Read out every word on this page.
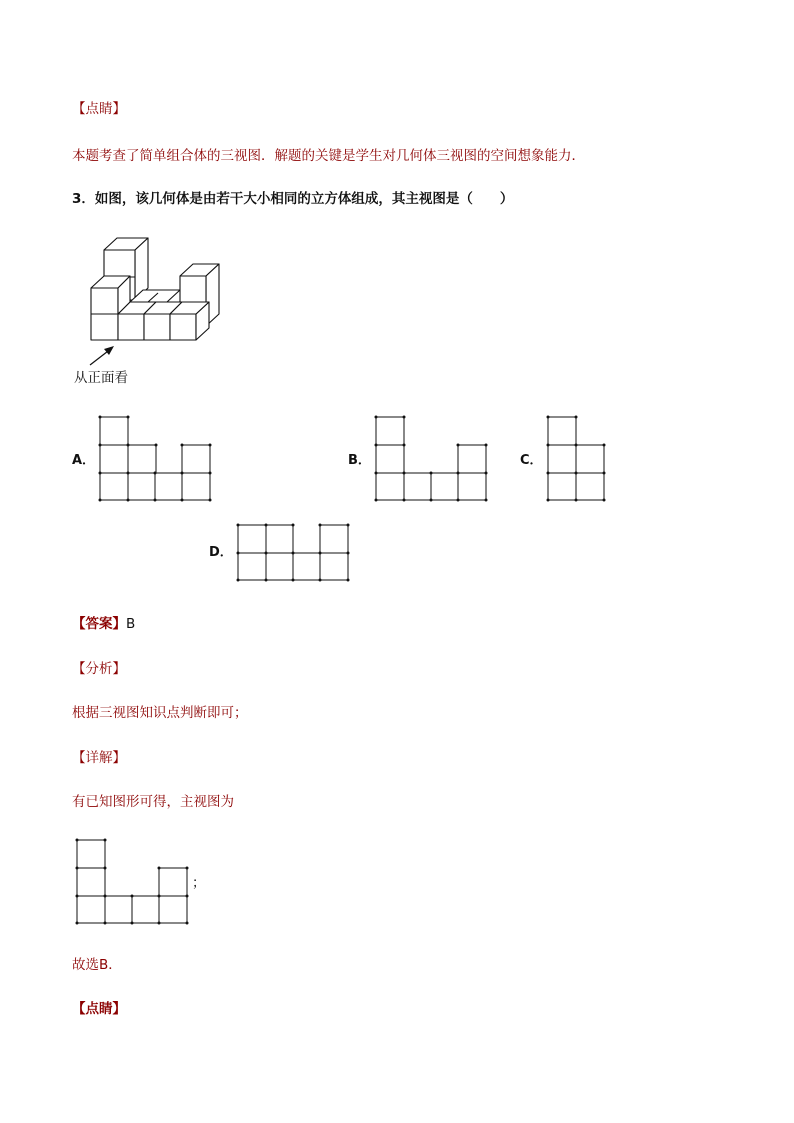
【点睛】
本题考查了简单组合体的三视图．解题的关键是学生对几何体三视图的空间想象能力．
3．如图，该几何体是由若干大小相同的立方体组成，其主视图是（　　）
从正面看
A．	B．	C．
D．
【答案】B
【分析】
根据三视图知识点判断即可；
【详解】
有已知图形可得，主视图为
；
故选B．
【点睛】
